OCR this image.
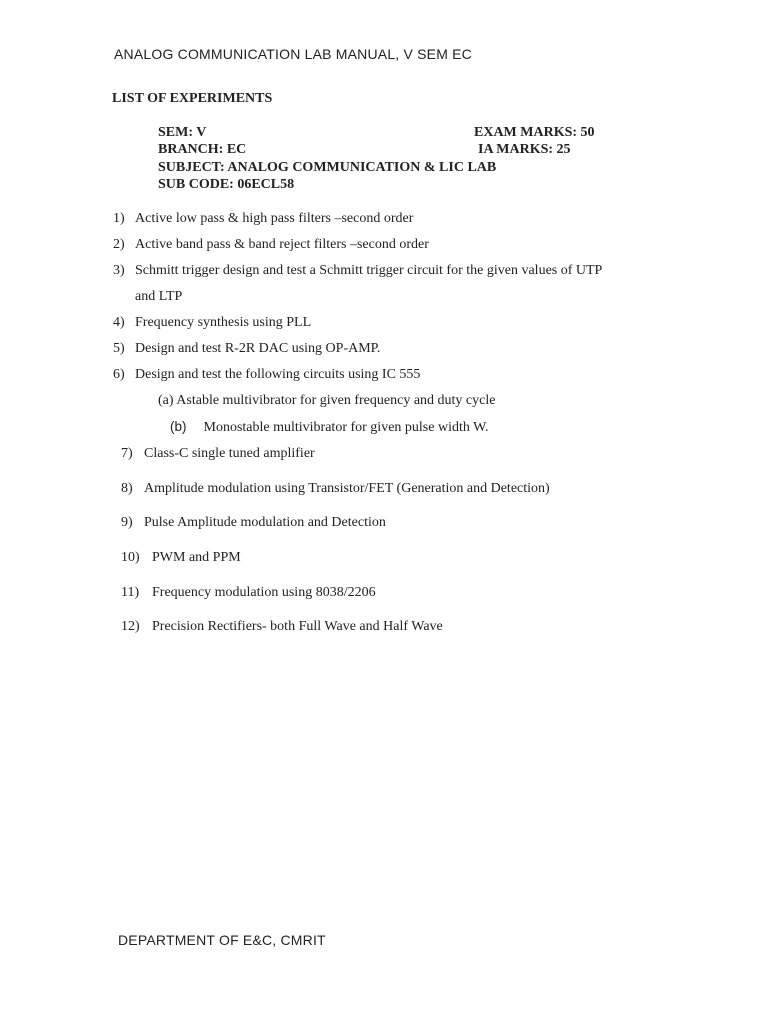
ANALOG COMMUNICATION LAB MANUAL, V SEM EC
LIST OF EXPERIMENTS
SEM: V	EXAM MARKS: 50
BRANCH: EC	IA MARKS: 25
SUBJECT: ANALOG COMMUNICATION & LIC LAB
SUB CODE: 06ECL58
1) Active low pass & high pass filters –second order
2) Active band pass & band reject filters –second order
3) Schmitt trigger design and test a Schmitt trigger circuit for the given values of UTP
and LTP
4) Frequency synthesis using PLL
5) Design and test R-2R DAC using OP-AMP.
6) Design and test the following circuits using IC 555
(a) Astable multivibrator for given frequency and duty cycle
(b) Monostable multivibrator for given pulse width W.
7) Class-C single tuned amplifier
8) Amplitude modulation using Transistor/FET (Generation and Detection)
9) Pulse Amplitude modulation and Detection
10) PWM and PPM
11) Frequency modulation using 8038/2206
12) Precision Rectifiers- both Full Wave and Half Wave
DEPARTMENT OF E&C, CMRIT
